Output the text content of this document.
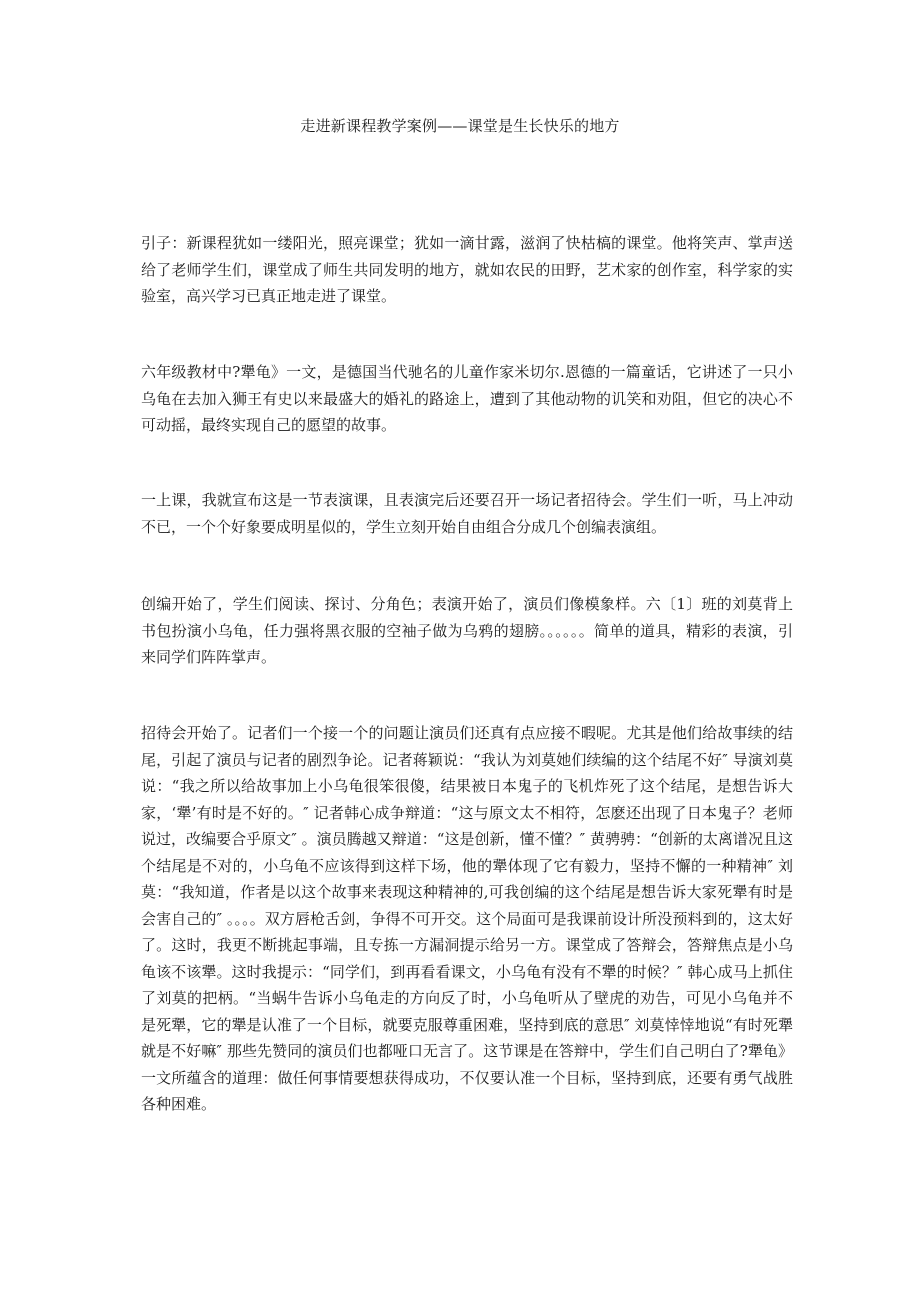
走进新课程教学案例——课堂是生长快乐的地方

引子：新课程犹如一缕阳光，照亮课堂；犹如一滴甘露，滋润了快枯槁的课堂。他将笑声、掌声送给了老师学生们，课堂成了师生共同发明的地方，就如农民的田野，艺术家的创作室，科学家的实验室，高兴学习已真正地走进了课堂。

六年级教材中?犟龟》一文，是德国当代驰名的儿童作家米切尔.恩德的一篇童话，它讲述了一只小乌龟在去加入狮王有史以来最盛大的婚礼的路途上，遭到了其他动物的讥笑和劝阻，但它的决心不可动摇，最终实现自己的愿望的故事。

一上课，我就宣布这是一节表演课，且表演完后还要召开一场记者招待会。学生们一听，马上冲动不已，一个个好象要成明星似的，学生立刻开始自由组合分成几个创编表演组。

创编开始了，学生们阅读、探讨、分角色；表演开始了，演员们像模象样。六〔1〕班的刘莫背上书包扮演小乌龟，任力强将黑衣服的空袖子做为乌鸦的翅膀。。。。。。简单的道具，精彩的表演，引来同学们阵阵掌声。

招待会开始了。记者们一个接一个的问题让演员们还真有点应接不暇呢。尤其是他们给故事续的结尾，引起了演员与记者的剧烈争论。记者蒋颖说：“我认为刘莫她们续编的这个结尾不好″ 导演刘莫说：“我之所以给故事加上小乌龟很笨很傻，结果被日本鬼子的飞机炸死了这个结尾，是想告诉大家，‘犟’有时是不好的。″ 记者韩心成争辩道：“这与原文太不相符，怎麽还出现了日本鬼子？老师说过，改编要合乎原文″ 。演员腾越又辩道：“这是创新，懂不懂？″ 黄骋骋：“创新的太离谱况且这个结尾是不对的，小乌龟不应该得到这样下场，他的犟体现了它有毅力，坚持不懈的一种精神″ 刘莫：“我知道，作者是以这个故事来表现这种精神的,可我创编的这个结尾是想告诉大家死犟有时是会害自己的″ 。。。。双方唇枪舌剑，争得不可开交。这个局面可是我课前设计所没预料到的，这太好了。这时，我更不断挑起事端，且专拣一方漏洞提示给另一方。课堂成了答辩会，答辩焦点是小乌龟该不该犟。这时我提示：“同学们，到再看看课文，小乌龟有没有不犟的时候？″ 韩心成马上抓住了刘莫的把柄。“当蜗牛告诉小乌龟走的方向反了时，小乌龟听从了壁虎的劝告，可见小乌龟并不是死犟，它的犟是认准了一个目标，就要克服尊重困难，坚持到底的意思″ 刘莫悻悻地说“有时死犟就是不好嘛″ 那些先赞同的演员们也都哑口无言了。这节课是在答辩中，学生们自己明白了?犟龟》一文所蕴含的道理：做任何事情要想获得成功，不仅要认准一个目标，坚持到底，还要有勇气战胜各种困难。
